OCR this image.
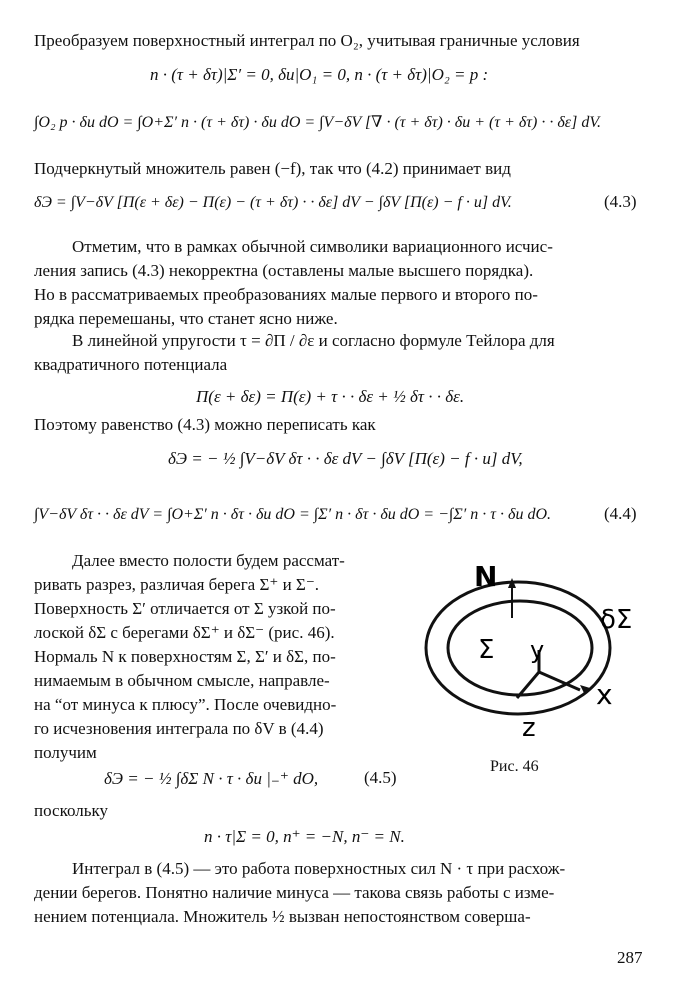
Преобразуем поверхностный интеграл по O₂, учитывая граничные условия
n · (τ + δτ)|Σ′ = 0, δu|O₁ = 0, n · (τ + δτ)|O₂ = p :
∫O₂ p · δu dO = ∫O+Σ′ n · (τ + δτ) · δu dO = ∫V−δV [∇ · (τ + δτ) · δu + (τ + δτ) · · δε] dV.
Подчеркнутый множитель равен (−f), так что (4.2) принимает вид
δЭ = ∫V−δV [Π(ε + δε) − Π(ε) − (τ + δτ) · · δε] dV − ∫δV [Π(ε) − f · u] dV.	(4.3)
Отметим, что в рамках обычной символики вариационного исчис-
ления запись (4.3) некорректна (оставлены малые высшего порядка).
Но в рассматриваемых преобразованиях малые первого и второго по-
рядка перемешаны, что станет ясно ниже.
В линейной упругости τ = ∂Π / ∂ε и согласно формуле Тейлора для
квадратичного потенциала
Π(ε + δε) = Π(ε) + τ · · δε + ½ δτ · · δε.
Поэтому равенство (4.3) можно переписать как
δЭ = − ½ ∫V−δV δτ · · δε dV − ∫δV [Π(ε) − f · u] dV,
∫V−δV δτ · · δε dV = ∫O+Σ′ n · δτ · δu dO = ∫Σ′ n · δτ · δu dO = −∫Σ′ n · τ · δu dO.	(4.4)
Далее вместо полости будем рассмат-
ривать разрез, различая берега Σ⁺ и Σ⁻.
Поверхность Σ′ отличается от Σ узкой по-
лоской δΣ с берегами δΣ⁺ и δΣ⁻ (рис. 46).
Нормаль N к поверхностям Σ, Σ′ и δΣ, по-
нимаемым в обычном смысле, направле-
на “от минуса к плюсу”. После очевидно-
го исчезновения интеграла по δV в (4.4)
получим
δЭ = − ½ ∫δΣ N · τ · δu |₋⁺ dO,	(4.5)
поскольку
n · τ|Σ = 0, n⁺ = −N, n⁻ = N.
Интеграл в (4.5) — это работа поверхностных сил N · τ при расхож-
дении берегов. Понятно наличие минуса — такова связь работы с изме-
нением потенциала. Множитель ½ вызван непостоянством соверша-
N
δΣ
Σ y
x
z
Рис. 46
287
